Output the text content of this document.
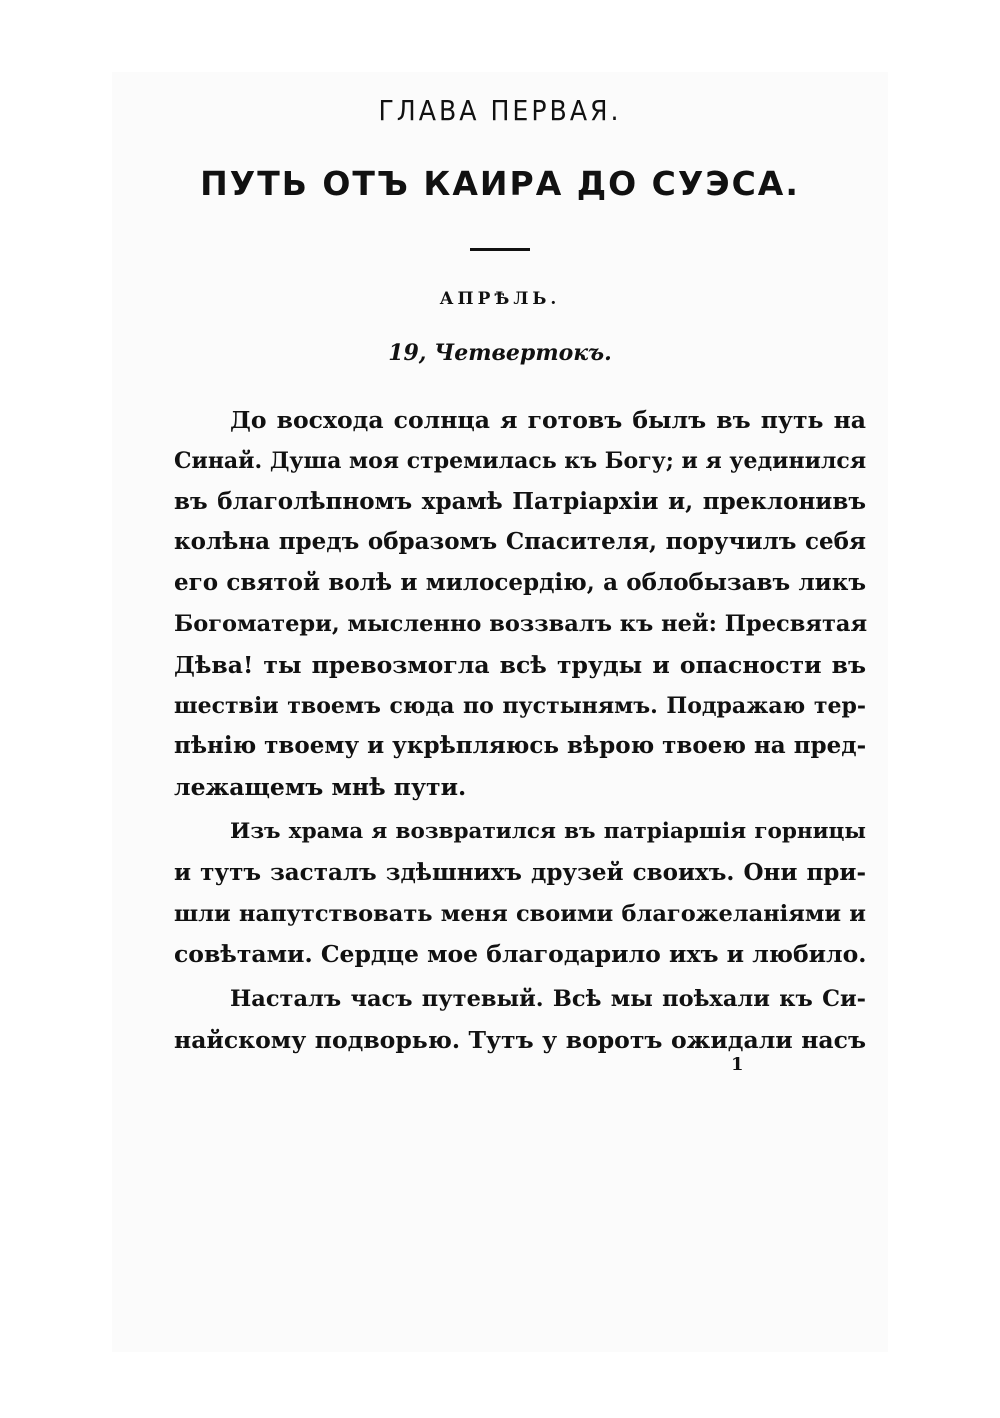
ГЛАВА ПЕРВАЯ.
ПУТЬ ОТЪ КАИРА ДО СУЭСА.

АПРѢЛЬ.

19, Четвертокъ.

До восхода солнца я готовъ былъ въ путь на
Синай. Душа моя стремилась къ Богу; и я уединился
въ благолѣпномъ храмѣ Патріархіи и, преклонивъ
колѣна предъ образомъ Спасителя, поручилъ себя
его святой волѣ и милосердію, а облобызавъ ликъ
Богоматери, мысленно воззвалъ къ ней: Пресвятая
Дѣва! ты превозмогла всѣ труды и опасности въ
шествіи твоемъ сюда по пустынямъ. Подражаю тер-
пѣнію твоему и укрѣпляюсь вѣрою твоею на пред-
лежащемъ мнѣ пути.
Изъ храма я возвратился въ патріаршія горницы
и тутъ засталъ здѣшнихъ друзей своихъ. Они при-
шли напутствовать меня своими благожеланіями и
совѣтами. Сердце мое благодарило ихъ и любило.
Насталъ часъ путевый. Всѣ мы поѣхали къ Си-
найскому подворью. Тутъ у воротъ ожидали насъ

1
